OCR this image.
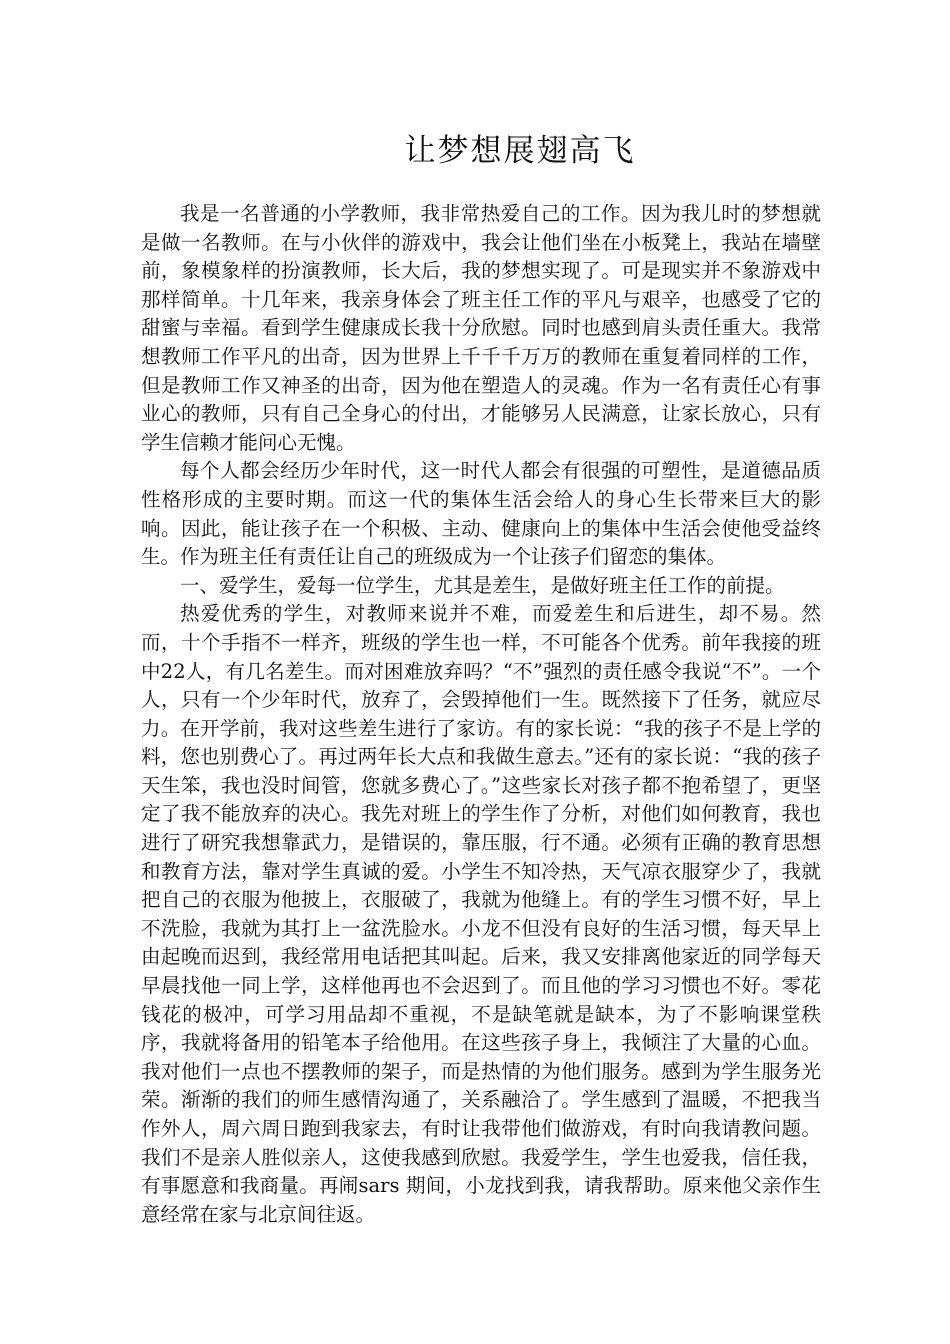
让梦想展翅高飞

我是一名普通的小学教师，我非常热爱自己的工作。因为我儿时的梦想就是做一名教师。在与小伙伴的游戏中，我会让他们坐在小板凳上，我站在墙壁前，象模象样的扮演教师，长大后，我的梦想实现了。可是现实并不象游戏中那样简单。十几年来，我亲身体会了班主任工作的平凡与艰辛，也感受了它的甜蜜与幸福。看到学生健康成长我十分欣慰。同时也感到肩头责任重大。我常想教师工作平凡的出奇，因为世界上千千千万万的教师在重复着同样的工作，但是教师工作又神圣的出奇，因为他在塑造人的灵魂。作为一名有责任心有事业心的教师，只有自己全身心的付出，才能够另人民满意，让家长放心，只有学生信赖才能问心无愧。

每个人都会经历少年时代，这一时代人都会有很强的可塑性，是道德品质性格形成的主要时期。而这一代的集体生活会给人的身心生长带来巨大的影响。因此，能让孩子在一个积极、主动、健康向上的集体中生活会使他受益终生。作为班主任有责任让自己的班级成为一个让孩子们留恋的集体。

一、爱学生，爱每一位学生，尤其是差生，是做好班主任工作的前提。

热爱优秀的学生，对教师来说并不难，而爱差生和后进生，却不易。然而，十个手指不一样齐，班级的学生也一样，不可能各个优秀。前年我接的班中22人，有几名差生。而对困难放弃吗？“不”强烈的责任感令我说“不”。一个人，只有一个少年时代，放弃了，会毁掉他们一生。既然接下了任务，就应尽力。在开学前，我对这些差生进行了家访。有的家长说：“我的孩子不是上学的料，您也别费心了。再过两年长大点和我做生意去。”还有的家长说：“我的孩子天生笨，我也没时间管，您就多费心了。”这些家长对孩子都不抱希望了，更坚定了我不能放弃的决心。我先对班上的学生作了分析，对他们如何教育，我也进行了研究我想靠武力，是错误的，靠压服，行不通。必须有正确的教育思想和教育方法，靠对学生真诚的爱。小学生不知冷热，天气凉衣服穿少了，我就把自己的衣服为他披上，衣服破了，我就为他缝上。有的学生习惯不好，早上不洗脸，我就为其打上一盆洗脸水。小龙不但没有良好的生活习惯，每天早上由起晚而迟到，我经常用电话把其叫起。后来，我又安排离他家近的同学每天早晨找他一同上学，这样他再也不会迟到了。而且他的学习习惯也不好。零花钱花的极冲，可学习用品却不重视，不是缺笔就是缺本，为了不影响课堂秩序，我就将备用的铅笔本子给他用。在这些孩子身上，我倾注了大量的心血。我对他们一点也不摆教师的架子，而是热情的为他们服务。感到为学生服务光荣。渐渐的我们的师生感情沟通了，关系融洽了。学生感到了温暖，不把我当作外人，周六周日跑到我家去，有时让我带他们做游戏，有时向我请教问题。我们不是亲人胜似亲人，这使我感到欣慰。我爱学生，学生也爱我，信任我，有事愿意和我商量。再闹sars 期间，小龙找到我，请我帮助。原来他父亲作生意经常在家与北京间往返。
